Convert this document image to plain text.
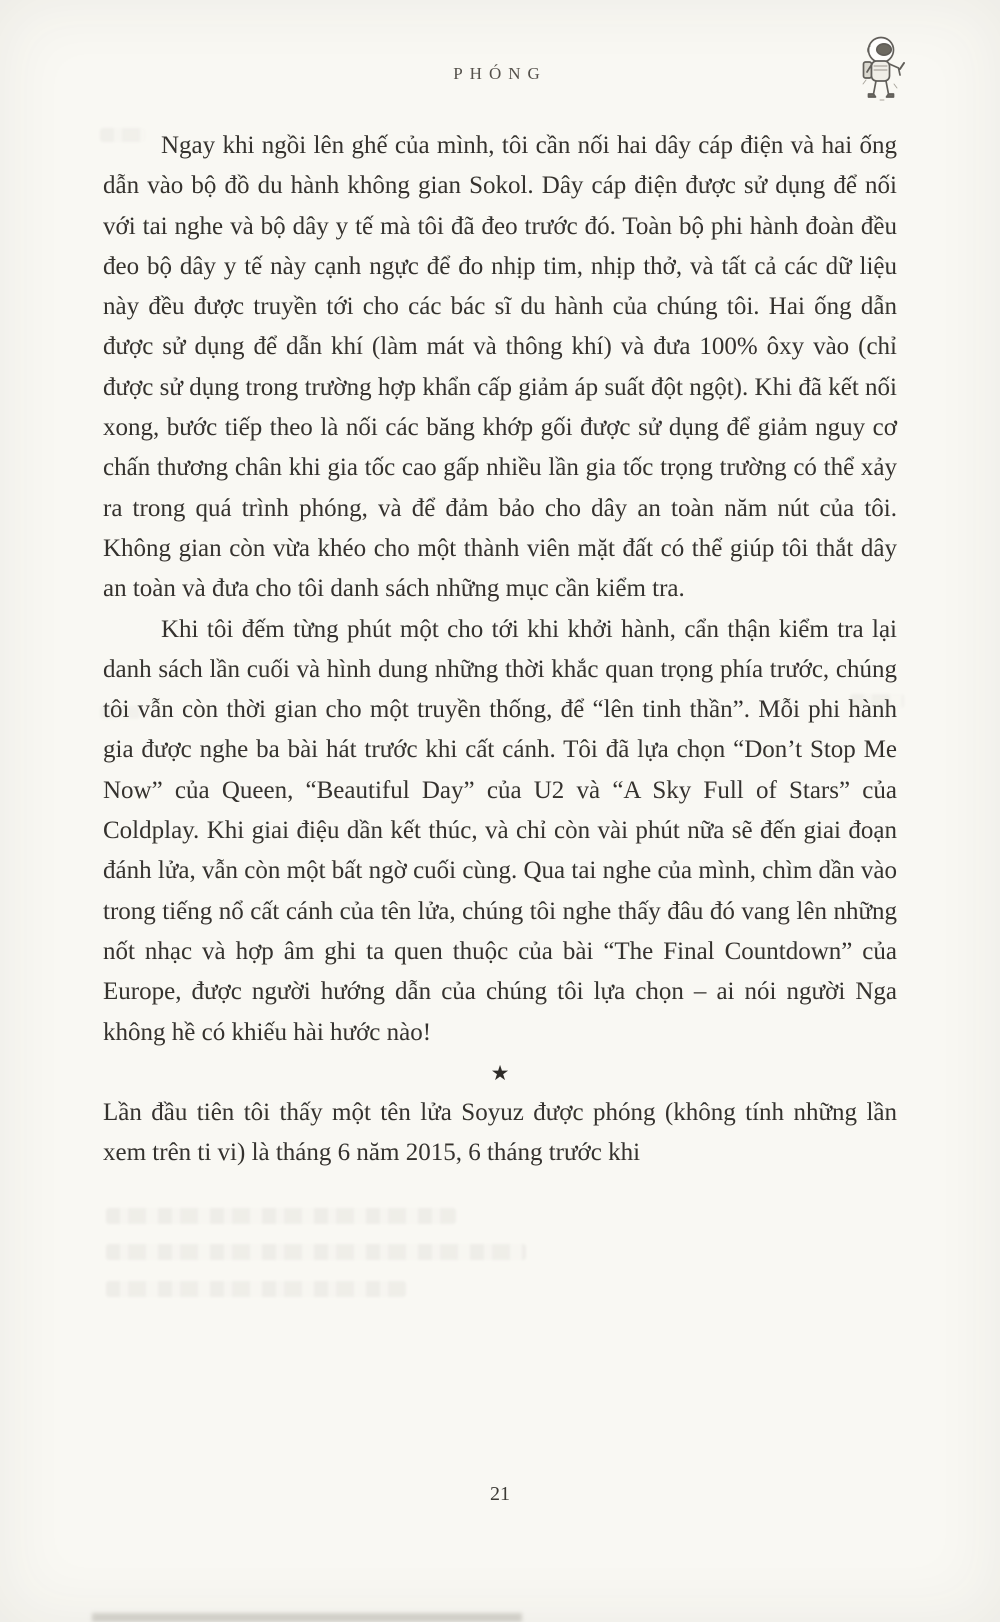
PHÓNG

Ngay khi ngồi lên ghế của mình, tôi cần nối hai dây cáp điện và hai ống dẫn vào bộ đồ du hành không gian Sokol. Dây cáp điện được sử dụng để nối với tai nghe và bộ dây y tế mà tôi đã đeo trước đó. Toàn bộ phi hành đoàn đều đeo bộ dây y tế này cạnh ngực để đo nhịp tim, nhịp thở, và tất cả các dữ liệu này đều được truyền tới cho các bác sĩ du hành của chúng tôi. Hai ống dẫn được sử dụng để dẫn khí (làm mát và thông khí) và đưa 100% ôxy vào (chỉ được sử dụng trong trường hợp khẩn cấp giảm áp suất đột ngột). Khi đã kết nối xong, bước tiếp theo là nối các băng khớp gối được sử dụng để giảm nguy cơ chấn thương chân khi gia tốc cao gấp nhiều lần gia tốc trọng trường có thể xảy ra trong quá trình phóng, và để đảm bảo cho dây an toàn năm nút của tôi. Không gian còn vừa khéo cho một thành viên mặt đất có thể giúp tôi thắt dây an toàn và đưa cho tôi danh sách những mục cần kiểm tra.

Khi tôi đếm từng phút một cho tới khi khởi hành, cẩn thận kiểm tra lại danh sách lần cuối và hình dung những thời khắc quan trọng phía trước, chúng tôi vẫn còn thời gian cho một truyền thống, để “lên tinh thần”. Mỗi phi hành gia được nghe ba bài hát trước khi cất cánh. Tôi đã lựa chọn “Don’t Stop Me Now” của Queen, “Beautiful Day” của U2 và “A Sky Full of Stars” của Coldplay. Khi giai điệu dần kết thúc, và chỉ còn vài phút nữa sẽ đến giai đoạn đánh lửa, vẫn còn một bất ngờ cuối cùng. Qua tai nghe của mình, chìm dần vào trong tiếng nổ cất cánh của tên lửa, chúng tôi nghe thấy đâu đó vang lên những nốt nhạc và hợp âm ghi ta quen thuộc của bài “The Final Countdown” của Europe, được người hướng dẫn của chúng tôi lựa chọn – ai nói người Nga không hề có khiếu hài hước nào!

★

Lần đầu tiên tôi thấy một tên lửa Soyuz được phóng (không tính những lần xem trên ti vi) là tháng 6 năm 2015, 6 tháng trước khi

21
